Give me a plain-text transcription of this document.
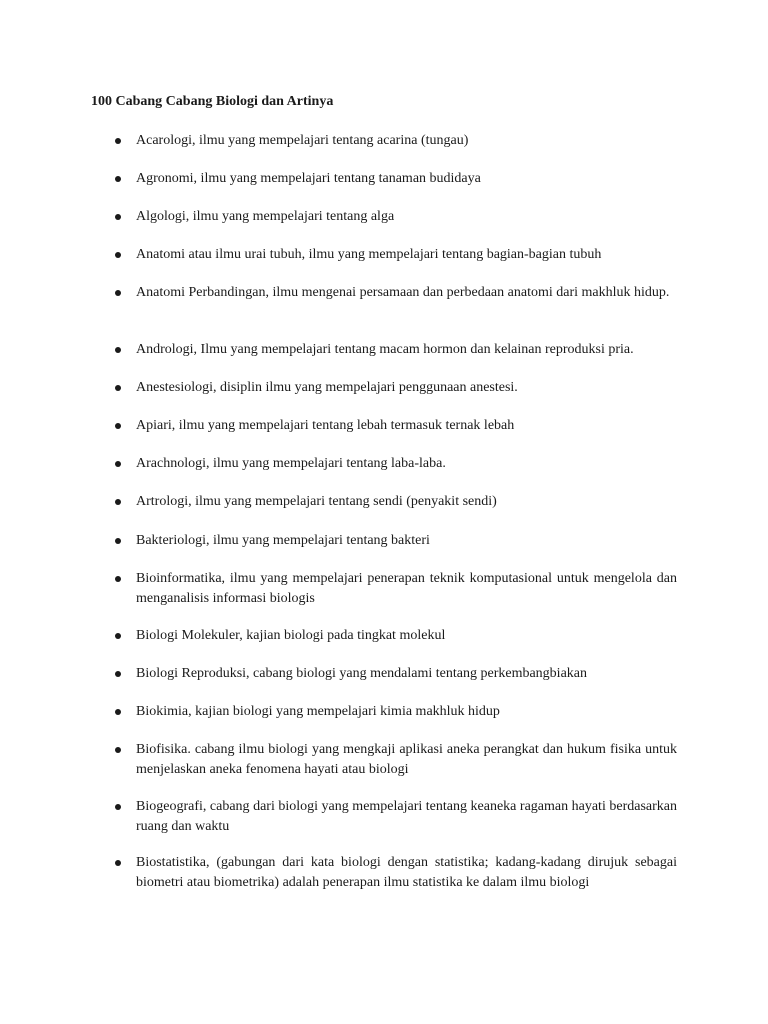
100 Cabang Cabang Biologi dan Artinya
Acarologi, ilmu yang mempelajari tentang acarina (tungau)
Agronomi, ilmu yang mempelajari tentang tanaman budidaya
Algologi, ilmu yang mempelajari tentang alga
Anatomi atau ilmu urai tubuh, ilmu yang mempelajari tentang bagian-bagian tubuh
Anatomi Perbandingan, ilmu mengenai persamaan dan perbedaan anatomi dari makhluk hidup.
Andrologi, Ilmu yang mempelajari tentang macam hormon dan kelainan reproduksi pria.
Anestesiologi, disiplin ilmu yang mempelajari penggunaan anestesi.
Apiari, ilmu yang mempelajari tentang lebah termasuk ternak lebah
Arachnologi, ilmu yang mempelajari tentang laba-laba.
Artrologi, ilmu yang mempelajari tentang sendi (penyakit sendi)
Bakteriologi, ilmu yang mempelajari tentang bakteri
Bioinformatika, ilmu yang mempelajari penerapan teknik komputasional untuk mengelola dan menganalisis informasi biologis
Biologi Molekuler, kajian biologi pada tingkat molekul
Biologi Reproduksi, cabang biologi yang mendalami tentang perkembangbiakan
Biokimia, kajian biologi yang mempelajari kimia makhluk hidup
Biofisika. cabang ilmu biologi yang mengkaji aplikasi aneka perangkat dan hukum fisika untuk menjelaskan aneka fenomena hayati atau biologi
Biogeografi, cabang dari biologi yang mempelajari tentang keaneka ragaman hayati berdasarkan ruang dan waktu
Biostatistika, (gabungan dari kata biologi dengan statistika; kadang-kadang dirujuk sebagai biometri atau biometrika) adalah penerapan ilmu statistika ke dalam ilmu biologi
